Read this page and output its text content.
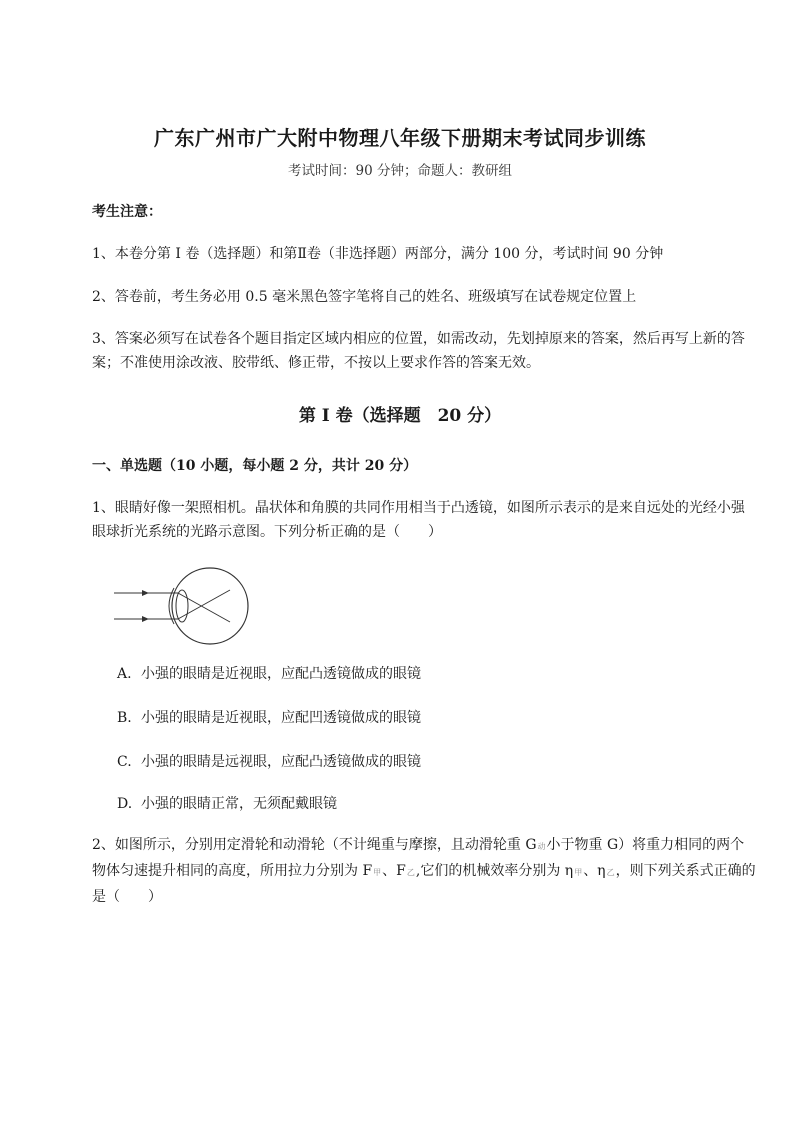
广东广州市广大附中物理八年级下册期末考试同步训练
考试时间：90 分钟；命题人：教研组
考生注意：
1、本卷分第 I 卷（选择题）和第Ⅱ卷（非选择题）两部分，满分 100 分，考试时间 90 分钟
2、答卷前，考生务必用 0.5 毫米黑色签字笔将自己的姓名、班级填写在试卷规定位置上
3、答案必须写在试卷各个题目指定区域内相应的位置，如需改动，先划掉原来的答案，然后再写上新的答案；不准使用涂改液、胶带纸、修正带，不按以上要求作答的答案无效。
第 I 卷（选择题　20 分）
一、单选题（10 小题，每小题 2 分，共计 20 分）
1、眼睛好像一架照相机。晶状体和角膜的共同作用相当于凸透镜，如图所示表示的是来自远处的光经小强眼球折光系统的光路示意图。下列分析正确的是（　　）
A. 小强的眼睛是近视眼，应配凸透镜做成的眼镜
B. 小强的眼睛是近视眼，应配凹透镜做成的眼镜
C. 小强的眼睛是远视眼，应配凸透镜做成的眼镜
D. 小强的眼睛正常，无须配戴眼镜
2、如图所示，分别用定滑轮和动滑轮（不计绳重与摩擦，且动滑轮重 G动小于物重 G）将重力相同的两个物体匀速提升相同的高度，所用拉力分别为 F甲、F乙,它们的机械效率分别为 η甲、η乙，则下列关系式正确的是（　　）
